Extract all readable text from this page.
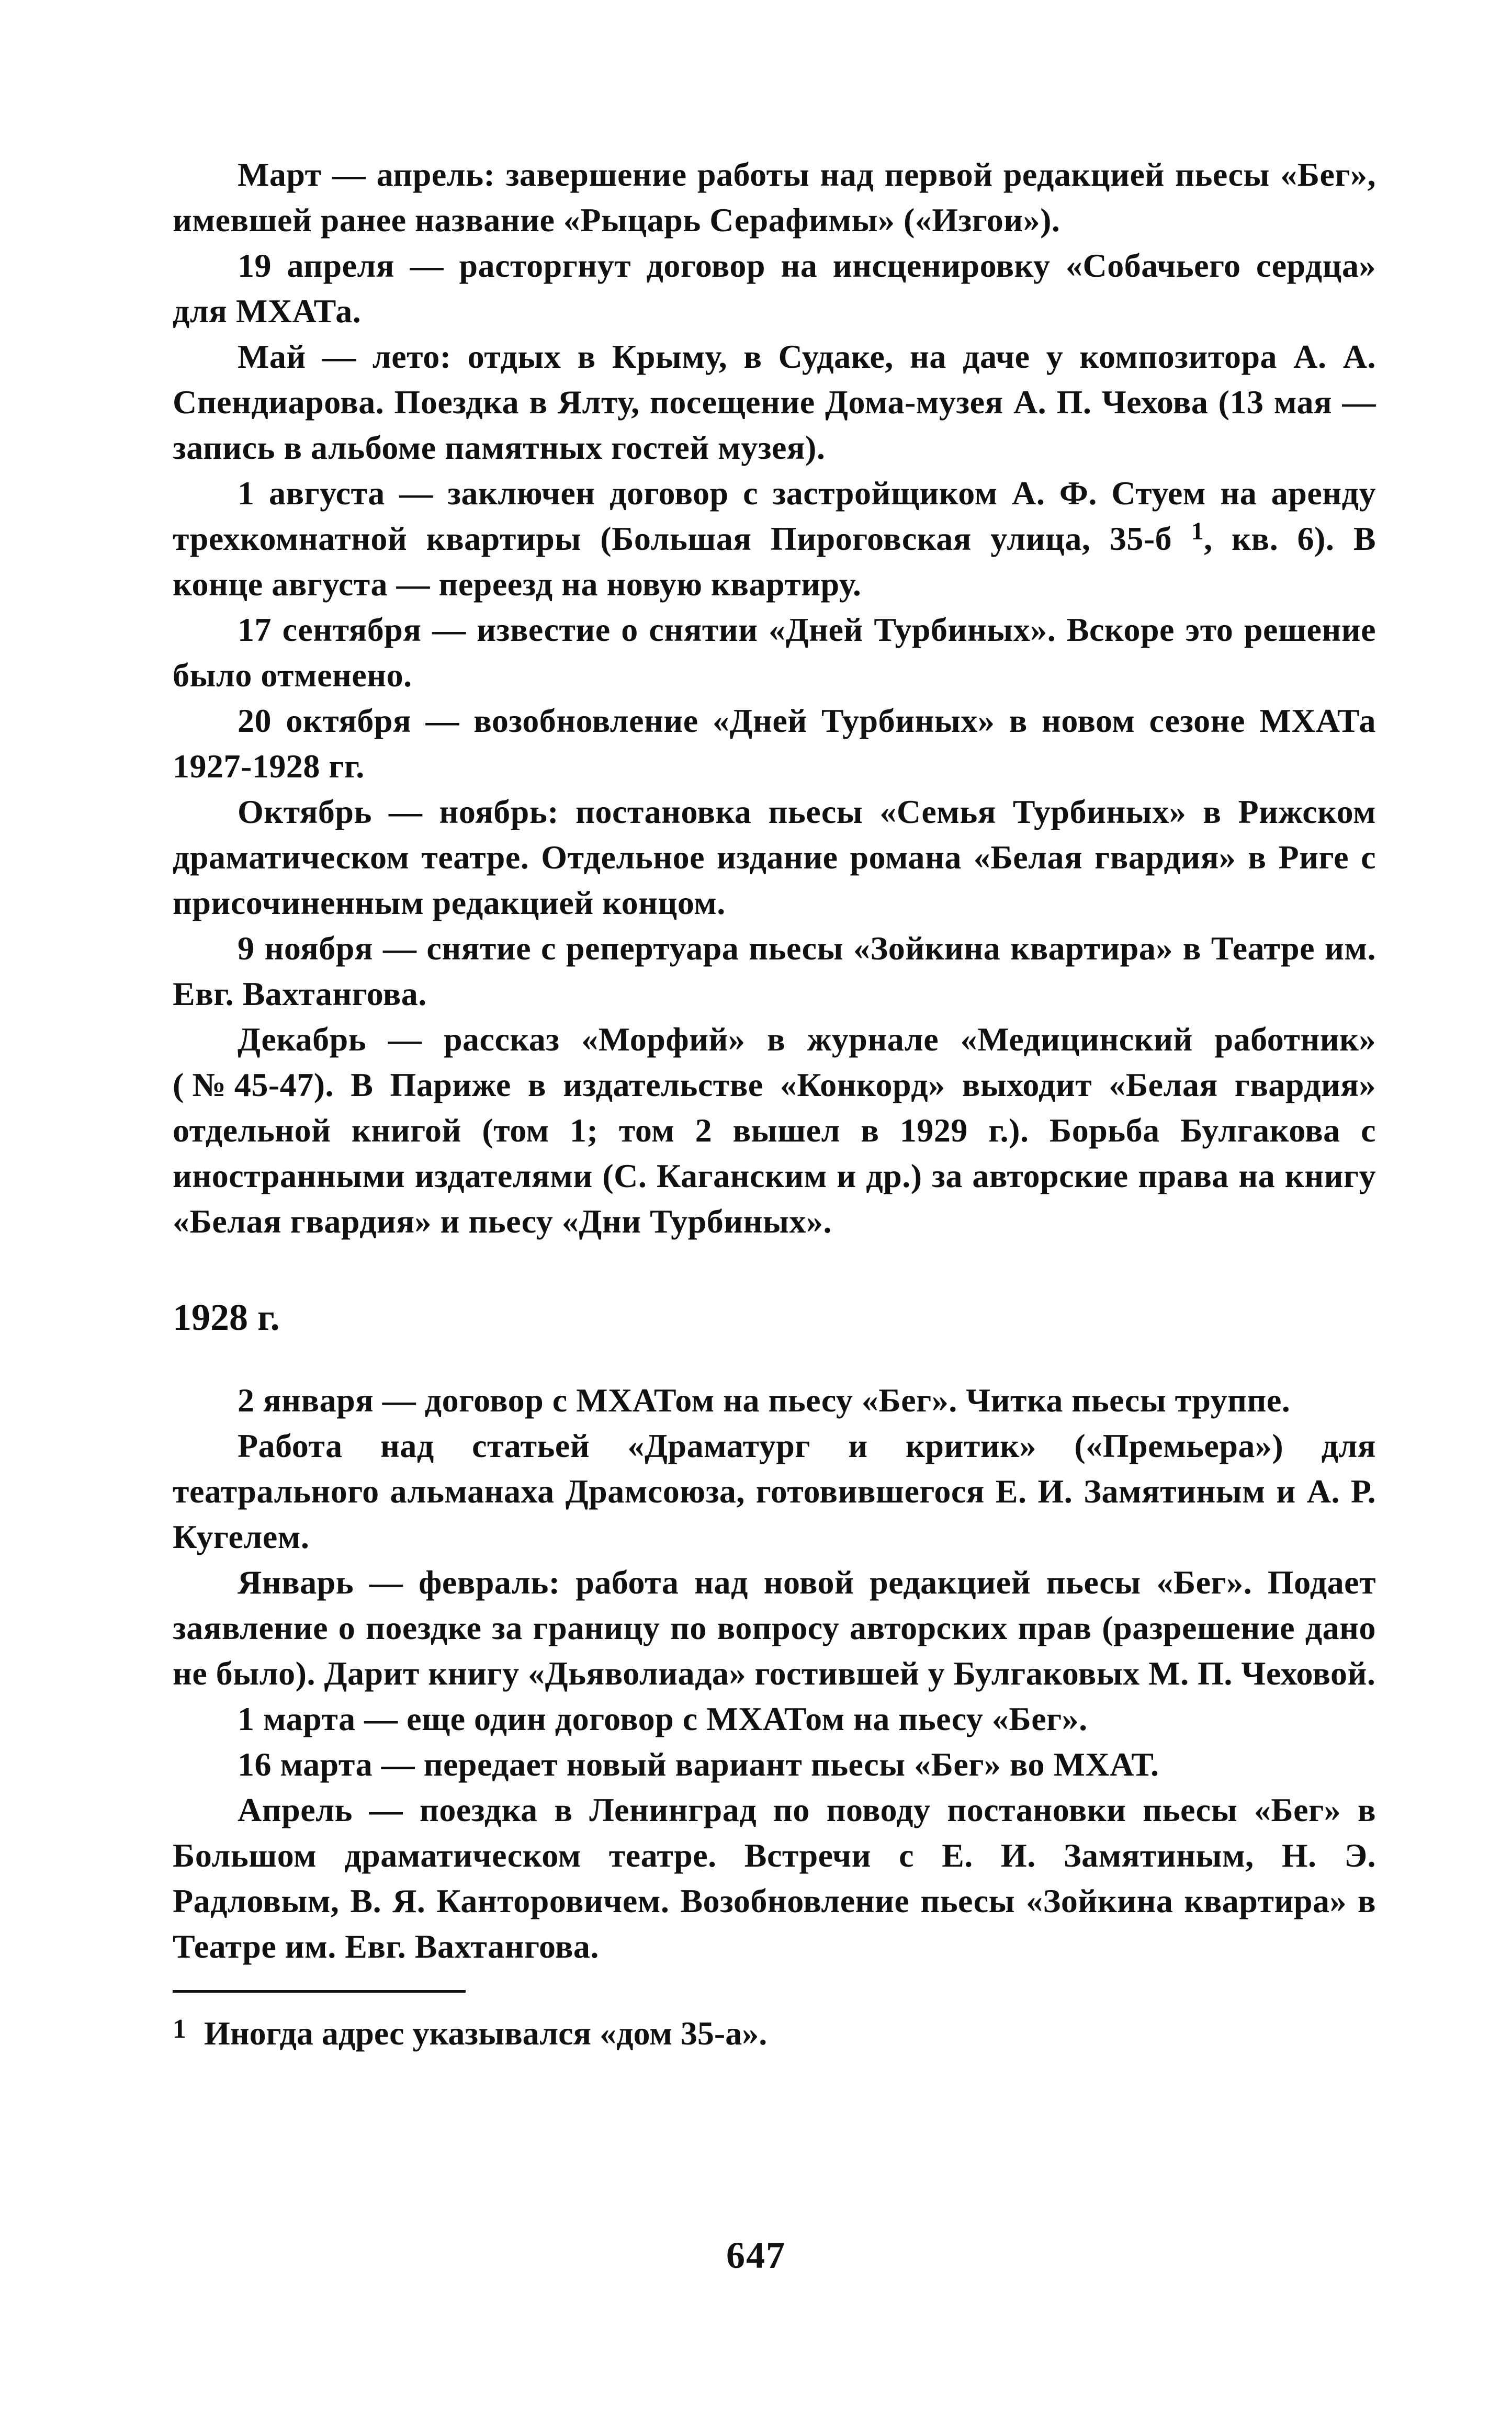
Март — апрель: завершение работы над первой редакцией пьесы «Бег», имевшей ранее название «Рыцарь Серафимы» («Изгои»).

19 апреля — расторгнут договор на инсценировку «Собачьего сердца» для МХАТа.

Май — лето: отдых в Крыму, в Судаке, на даче у композитора А. А. Спендиарова. Поездка в Ялту, посещение Дома-музея А. П. Чехова (13 мая — запись в альбоме памятных гостей музея).

1 августа — заключен договор с застройщиком А. Ф. Стуем на аренду трехкомнатной квартиры (Большая Пироговская улица, 35-б $^1$, кв. 6). В конце августа — переезд на новую квартиру.

17 сентября — известие о снятии «Дней Турбиных». Вскоре это решение было отменено.

20 октября — возобновление «Дней Турбиных» в новом сезоне МХАТа 1927-1928 гг.

Октябрь — ноябрь: постановка пьесы «Семья Турбиных» в Рижском драматическом театре. Отдельное издание романа «Белая гвардия» в Риге с присочиненным редакцией концом.

9 ноября — снятие с репертуара пьесы «Зойкина квартира» в Театре им. Евг. Вахтангова.

Декабрь — рассказ «Морфий» в журнале «Медицинский работник» (№45-47). В Париже в издательстве «Конкорд» выходит «Белая гвардия» отдельной книгой (том 1; том 2 вышел в 1929 г.). Борьба Булгакова с иностранными издателями (С. Каганским и др.) за авторские права на книгу «Белая гвардия» и пьесу «Дни Турбиных».

1928 г.

2 января — договор с МХАТом на пьесу «Бег». Читка пьесы труппе.

Работа над статьей «Драматург и критик» («Премьера») для театрального альманаха Драмсоюза, готовившегося Е. И. Замятиным и А. Р. Кугелем.

Январь — февраль: работа над новой редакцией пьесы «Бег». Подает заявление о поездке за границу по вопросу авторских прав (разрешение дано не было). Дарит книгу «Дьяволиада» гостившей у Булгаковых М. П. Чеховой.

1 марта — еще один договор с МХАТом на пьесу «Бег».

16 марта — передает новый вариант пьесы «Бег» во МХАТ.

Апрель — поездка в Ленинград по поводу постановки пьесы «Бег» в Большом драматическом театре. Встречи с Е. И. Замятиным, Н. Э. Радловым, В. Я. Канторовичем. Возобновление пьесы «Зойкина квартира» в Театре им. Евг. Вахтангова.

$^1$ Иногда адрес указывался «дом 35-а».

647
